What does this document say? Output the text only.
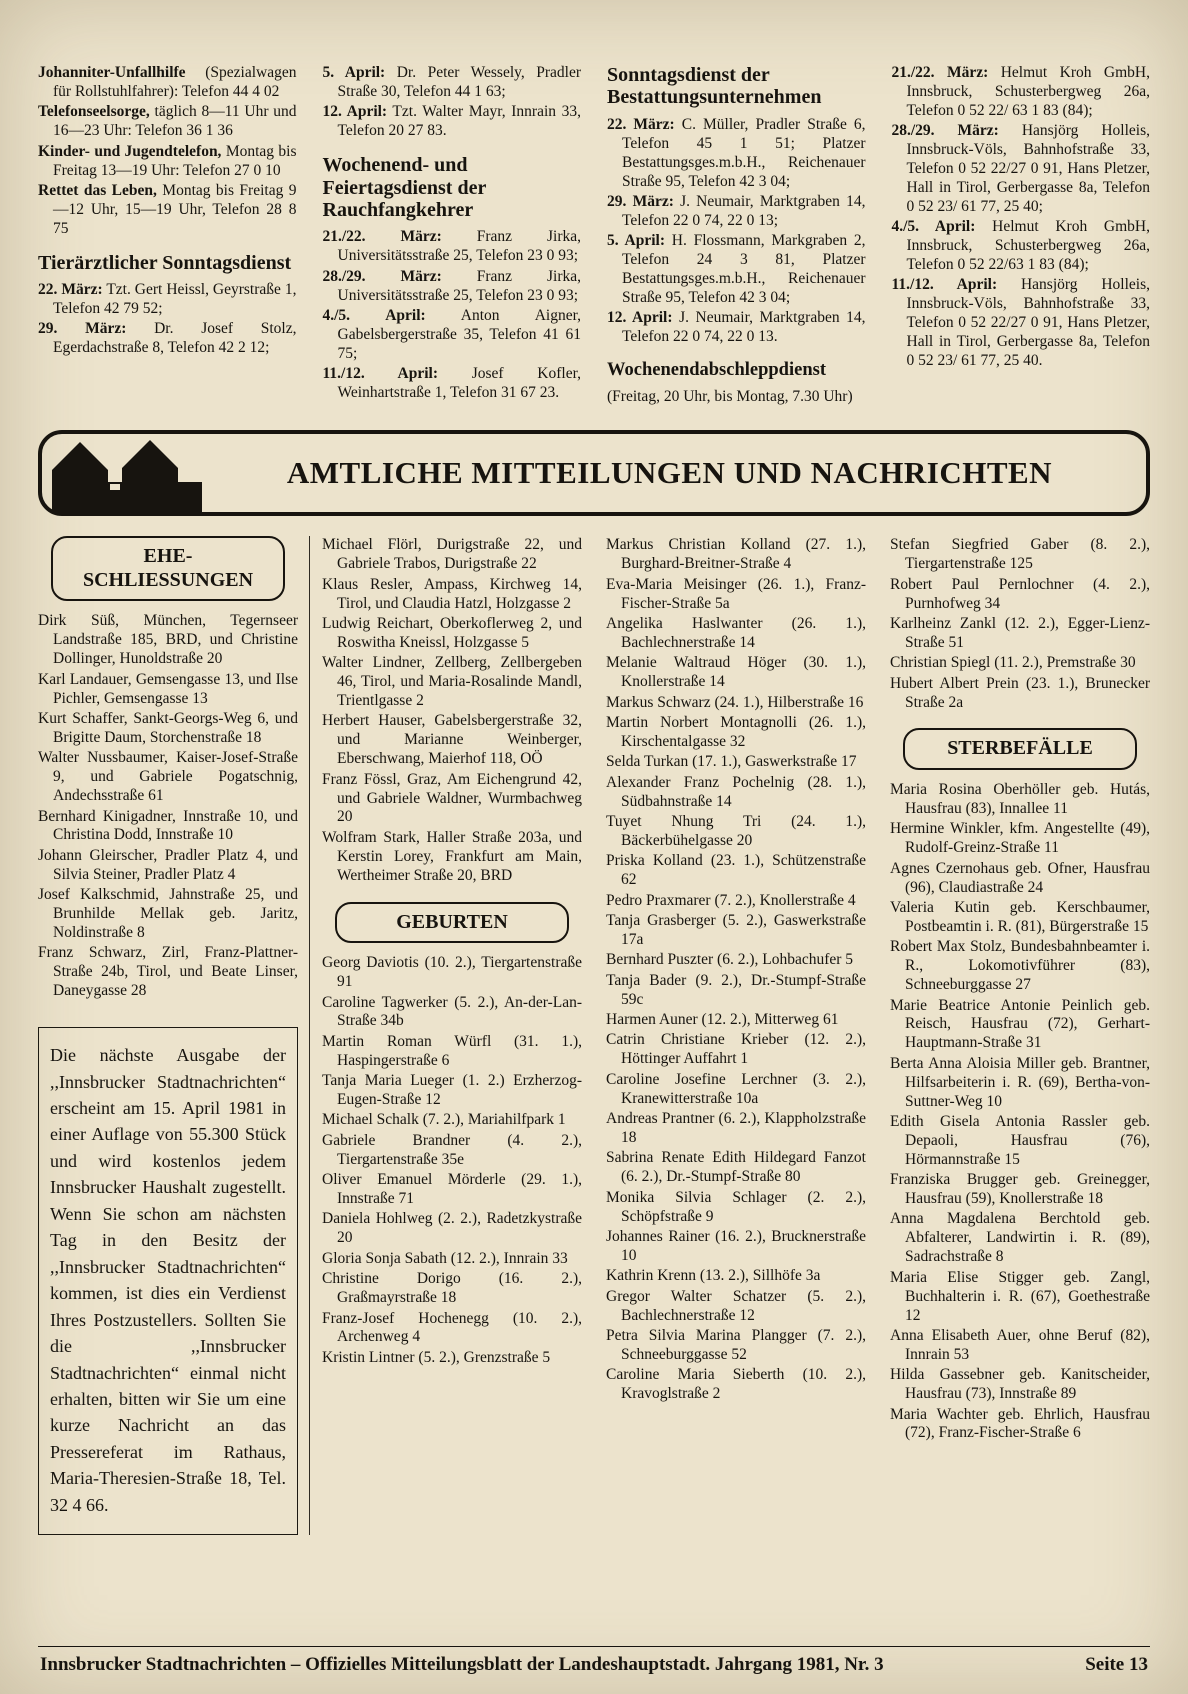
Johanniter-Unfallhilfe (Spezialwagen für Rollstuhlfahrer): Telefon 44 4 02

Telefonseelsorge, täglich 8—11 Uhr und 16—23 Uhr: Telefon 36 1 36

Kinder- und Jugendtelefon, Montag bis Freitag 13—19 Uhr: Telefon 27 0 10

Rettet das Leben, Montag bis Freitag 9—12 Uhr, 15—19 Uhr, Telefon 28 8 75

Tierärztlicher Sonntagsdienst

22. März: Tzt. Gert Heissl, Geyrstraße 1, Telefon 42 79 52;

29. März: Dr. Josef Stolz, Egerdachstraße 8, Telefon 42 2 12;

5. April: Dr. Peter Wessely, Pradler Straße 30, Telefon 44 1 63;

12. April: Tzt. Walter Mayr, Innrain 33, Telefon 20 27 83.

Wochenend- und Feiertagsdienst der Rauchfangkehrer

21./22. März: Franz Jirka, Universitätsstraße 25, Telefon 23 0 93;

28./29. März: Franz Jirka, Universitätsstraße 25, Telefon 23 0 93;

4./5. April: Anton Aigner, Gabelsbergerstraße 35, Telefon 41 61 75;

11./12. April: Josef Kofler, Weinhartstraße 1, Telefon 31 67 23.

Sonntagsdienst der Bestattungsunternehmen

22. März: C. Müller, Pradler Straße 6, Telefon 45 1 51; Platzer Bestattungsges.m.b.H., Reichenauer Straße 95, Telefon 42 3 04;

29. März: J. Neumair, Marktgraben 14, Telefon 22 0 74, 22 0 13;

5. April: H. Flossmann, Markgraben 2, Telefon 24 3 81, Platzer Bestattungsges.m.b.H., Reichenauer Straße 95, Telefon 42 3 04;

12. April: J. Neumair, Marktgraben 14, Telefon 22 0 74, 22 0 13.

Wochenendabschleppdienst

(Freitag, 20 Uhr, bis Montag, 7.30 Uhr)

21./22. März: Helmut Kroh GmbH, Innsbruck, Schusterbergweg 26a, Telefon 0 52 22/ 63 1 83 (84);

28./29. März: Hansjörg Holleis, Innsbruck-Völs, Bahnhofstraße 33, Telefon 0 52 22/27 0 91, Hans Pletzer, Hall in Tirol, Gerbergasse 8a, Telefon 0 52 23/ 61 77, 25 40;

4./5. April: Helmut Kroh GmbH, Innsbruck, Schusterbergweg 26a, Telefon 0 52 22/63 1 83 (84);

11./12. April: Hansjörg Holleis, Innsbruck-Völs, Bahnhofstraße 33, Telefon 0 52 22/27 0 91, Hans Pletzer, Hall in Tirol, Gerbergasse 8a, Telefon 0 52 23/ 61 77, 25 40.

AMTLICHE MITTEILUNGEN UND NACHRICHTEN
EHE-
SCHLIESSUNGEN

Dirk Süß, München, Tegernseer Landstraße 185, BRD, und Christine Dollinger, Hunoldstraße 20

Karl Landauer, Gemsengasse 13, und Ilse Pichler, Gemsengasse 13

Kurt Schaffer, Sankt-Georgs-Weg 6, und Brigitte Daum, Storchenstraße 18

Walter Nussbaumer, Kaiser-Josef-Straße 9, und Gabriele Pogatschnig, Andechsstraße 61

Bernhard Kinigadner, Innstraße 10, und Christina Dodd, Innstraße 10

Johann Gleirscher, Pradler Platz 4, und Silvia Steiner, Pradler Platz 4

Josef Kalkschmid, Jahnstraße 25, und Brunhilde Mellak geb. Jaritz, Noldinstraße 8

Franz Schwarz, Zirl, Franz-Plattner-Straße 24b, Tirol, und Beate Linser, Daneygasse 28

Die nächste Ausgabe der ,,Innsbrucker Stadtnachrichten“ erscheint am 15. April 1981 in einer Auflage von 55.300 Stück und wird kostenlos jedem Innsbrucker Haushalt zugestellt. Wenn Sie schon am nächsten Tag in den Besitz der ,,Innsbrucker Stadtnachrichten“ kommen, ist dies ein Verdienst Ihres Postzustellers. Sollten Sie die ,,Innsbrucker Stadtnachrichten“ einmal nicht erhalten, bitten wir Sie um eine kurze Nachricht an das Pressereferat im Rathaus, Maria-Theresien-Straße 18, Tel. 32 4 66.

Michael Flörl, Durigstraße 22, und Gabriele Trabos, Durigstraße 22

Klaus Resler, Ampass, Kirchweg 14, Tirol, und Claudia Hatzl, Holzgasse 2

Ludwig Reichart, Oberkoflerweg 2, und Roswitha Kneissl, Holzgasse 5

Walter Lindner, Zellberg, Zellbergeben 46, Tirol, und Maria-Rosalinde Mandl, Trientlgasse 2

Herbert Hauser, Gabelsbergerstraße 32, und Marianne Weinberger, Eberschwang, Maierhof 118, OÖ

Franz Fössl, Graz, Am Eichengrund 42, und Gabriele Waldner, Wurmbachweg 20

Wolfram Stark, Haller Straße 203a, und Kerstin Lorey, Frankfurt am Main, Wertheimer Straße 20, BRD

GEBURTEN

Georg Daviotis (10. 2.), Tiergartenstraße 91

Caroline Tagwerker (5. 2.), An-der-Lan-Straße 34b

Martin Roman Würfl (31. 1.), Haspingerstraße 6

Tanja Maria Lueger (1. 2.) Erzherzog-Eugen-Straße 12

Michael Schalk (7. 2.), Mariahilfpark 1

Gabriele Brandner (4. 2.), Tiergartenstraße 35e

Oliver Emanuel Mörderle (29. 1.), Innstraße 71

Daniela Hohlweg (2. 2.), Radetzkystraße 20

Gloria Sonja Sabath (12. 2.), Innrain 33

Christine Dorigo (16. 2.), Graßmayrstraße 18

Franz-Josef Hochenegg (10. 2.), Archenweg 4

Kristin Lintner (5. 2.), Grenzstraße 5

Markus Christian Kolland (27. 1.), Burghard-Breitner-Straße 4

Eva-Maria Meisinger (26. 1.), Franz-Fischer-Straße 5a

Angelika Haslwanter (26. 1.), Bachlechnerstraße 14

Melanie Waltraud Höger (30. 1.), Knollerstraße 14

Markus Schwarz (24. 1.), Hilberstraße 16

Martin Norbert Montagnolli (26. 1.), Kirschentalgasse 32

Selda Turkan (17. 1.), Gaswerkstraße 17

Alexander Franz Pochelnig (28. 1.), Südbahnstraße 14

Tuyet Nhung Tri (24. 1.), Bäckerbühelgasse 20

Priska Kolland (23. 1.), Schützenstraße 62

Pedro Praxmarer (7. 2.), Knollerstraße 4

Tanja Grasberger (5. 2.), Gaswerkstraße 17a

Bernhard Puszter (6. 2.), Lohbachufer 5

Tanja Bader (9. 2.), Dr.-Stumpf-Straße 59c

Harmen Auner (12. 2.), Mitterweg 61

Catrin Christiane Krieber (12. 2.), Höttinger Auffahrt 1

Caroline Josefine Lerchner (3. 2.), Kranewitterstraße 10a

Andreas Prantner (6. 2.), Klappholzstraße 18

Sabrina Renate Edith Hildegard Fanzot (6. 2.), Dr.-Stumpf-Straße 80

Monika Silvia Schlager (2. 2.), Schöpfstraße 9

Johannes Rainer (16. 2.), Brucknerstraße 10

Kathrin Krenn (13. 2.), Sillhöfe 3a

Gregor Walter Schatzer (5. 2.), Bachlechnerstraße 12

Petra Silvia Marina Plangger (7. 2.), Schneeburggasse 52

Caroline Maria Sieberth (10. 2.), Kravoglstraße 2

Stefan Siegfried Gaber (8. 2.), Tiergartenstraße 125

Robert Paul Pernlochner (4. 2.), Purnhofweg 34

Karlheinz Zankl (12. 2.), Egger-Lienz-Straße 51

Christian Spiegl (11. 2.), Premstraße 30

Hubert Albert Prein (23. 1.), Brunecker Straße 2a

STERBEFÄLLE

Maria Rosina Oberhöller geb. Hutás, Hausfrau (83), Innallee 11

Hermine Winkler, kfm. Angestellte (49), Rudolf-Greinz-Straße 11

Agnes Czernohaus geb. Ofner, Hausfrau (96), Claudiastraße 24

Valeria Kutin geb. Kerschbaumer, Postbeamtin i. R. (81), Bürgerstraße 15

Robert Max Stolz, Bundesbahnbeamter i. R., Lokomotivführer (83), Schneeburggasse 27

Marie Beatrice Antonie Peinlich geb. Reisch, Hausfrau (72), Gerhart-Hauptmann-Straße 31

Berta Anna Aloisia Miller geb. Brantner, Hilfsarbeiterin i. R. (69), Bertha-von-Suttner-Weg 10

Edith Gisela Antonia Rassler geb. Depaoli, Hausfrau (76), Hörmannstraße 15

Franziska Brugger geb. Greinegger, Hausfrau (59), Knollerstraße 18

Anna Magdalena Berchtold geb. Abfalterer, Landwirtin i. R. (89), Sadrachstraße 8

Maria Elise Stigger geb. Zangl, Buchhalterin i. R. (67), Goethestraße 12

Anna Elisabeth Auer, ohne Beruf (82), Innrain 53

Hilda Gassebner geb. Kanitscheider, Hausfrau (73), Innstraße 89

Maria Wachter geb. Ehrlich, Hausfrau (72), Franz-Fischer-Straße 6

Innsbrucker Stadtnachrichten – Offizielles Mitteilungsblatt der Landeshauptstadt. Jahrgang 1981, Nr. 3	Seite 13
